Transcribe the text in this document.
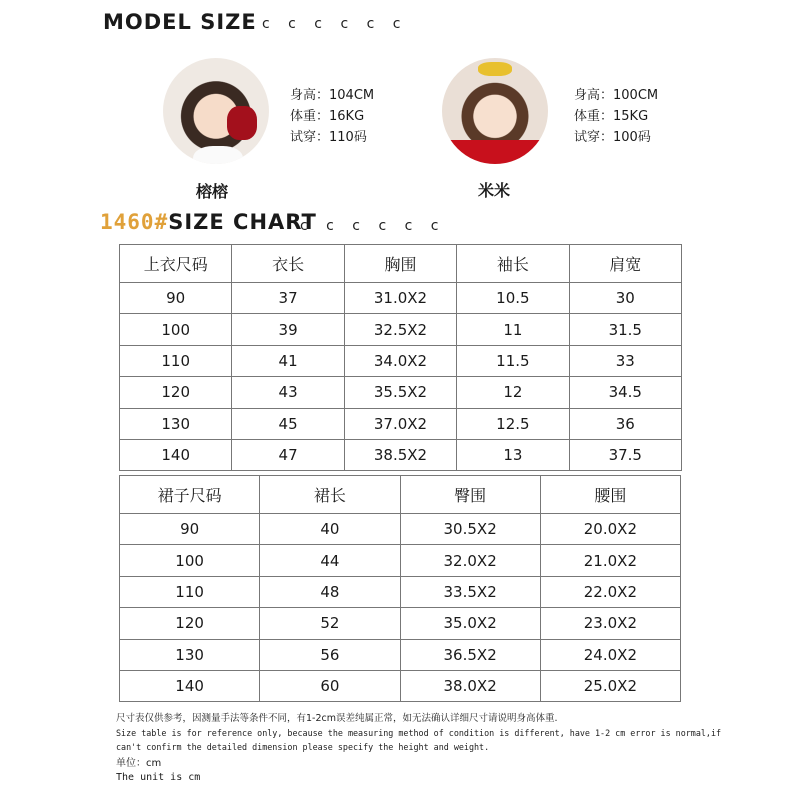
MODEL SIZE c c c c c c
榕榕
身高：104CM
体重：16KG
试穿：110码
米米
身高：100CM
体重：15KG
试穿：100码
1460#SIZE CHART
c c c c c c
上衣尺码	衣长	胸围	袖长	肩宽
90	37	31.0X2	10.5	30
100	39	32.5X2	11	31.5
110	41	34.0X2	11.5	33
120	43	35.5X2	12	34.5
130	45	37.0X2	12.5	36
140	47	38.5X2	13	37.5
裙子尺码	裙长	臀围	腰围
90	40	30.5X2	20.0X2
100	44	32.0X2	21.0X2
110	48	33.5X2	22.0X2
120	52	35.0X2	23.0X2
130	56	36.5X2	24.0X2
140	60	38.0X2	25.0X2
尺寸表仅供参考，因测量手法等条件不同，有1-2cm误差纯属正常，如无法确认详细尺寸请说明身高体重.
Size table is for reference only, because the measuring method of condition is different, have 1-2 cm error is normal,if
can't confirm the detailed dimension please specify the height and weight.
单位：cm
The unit is cm
